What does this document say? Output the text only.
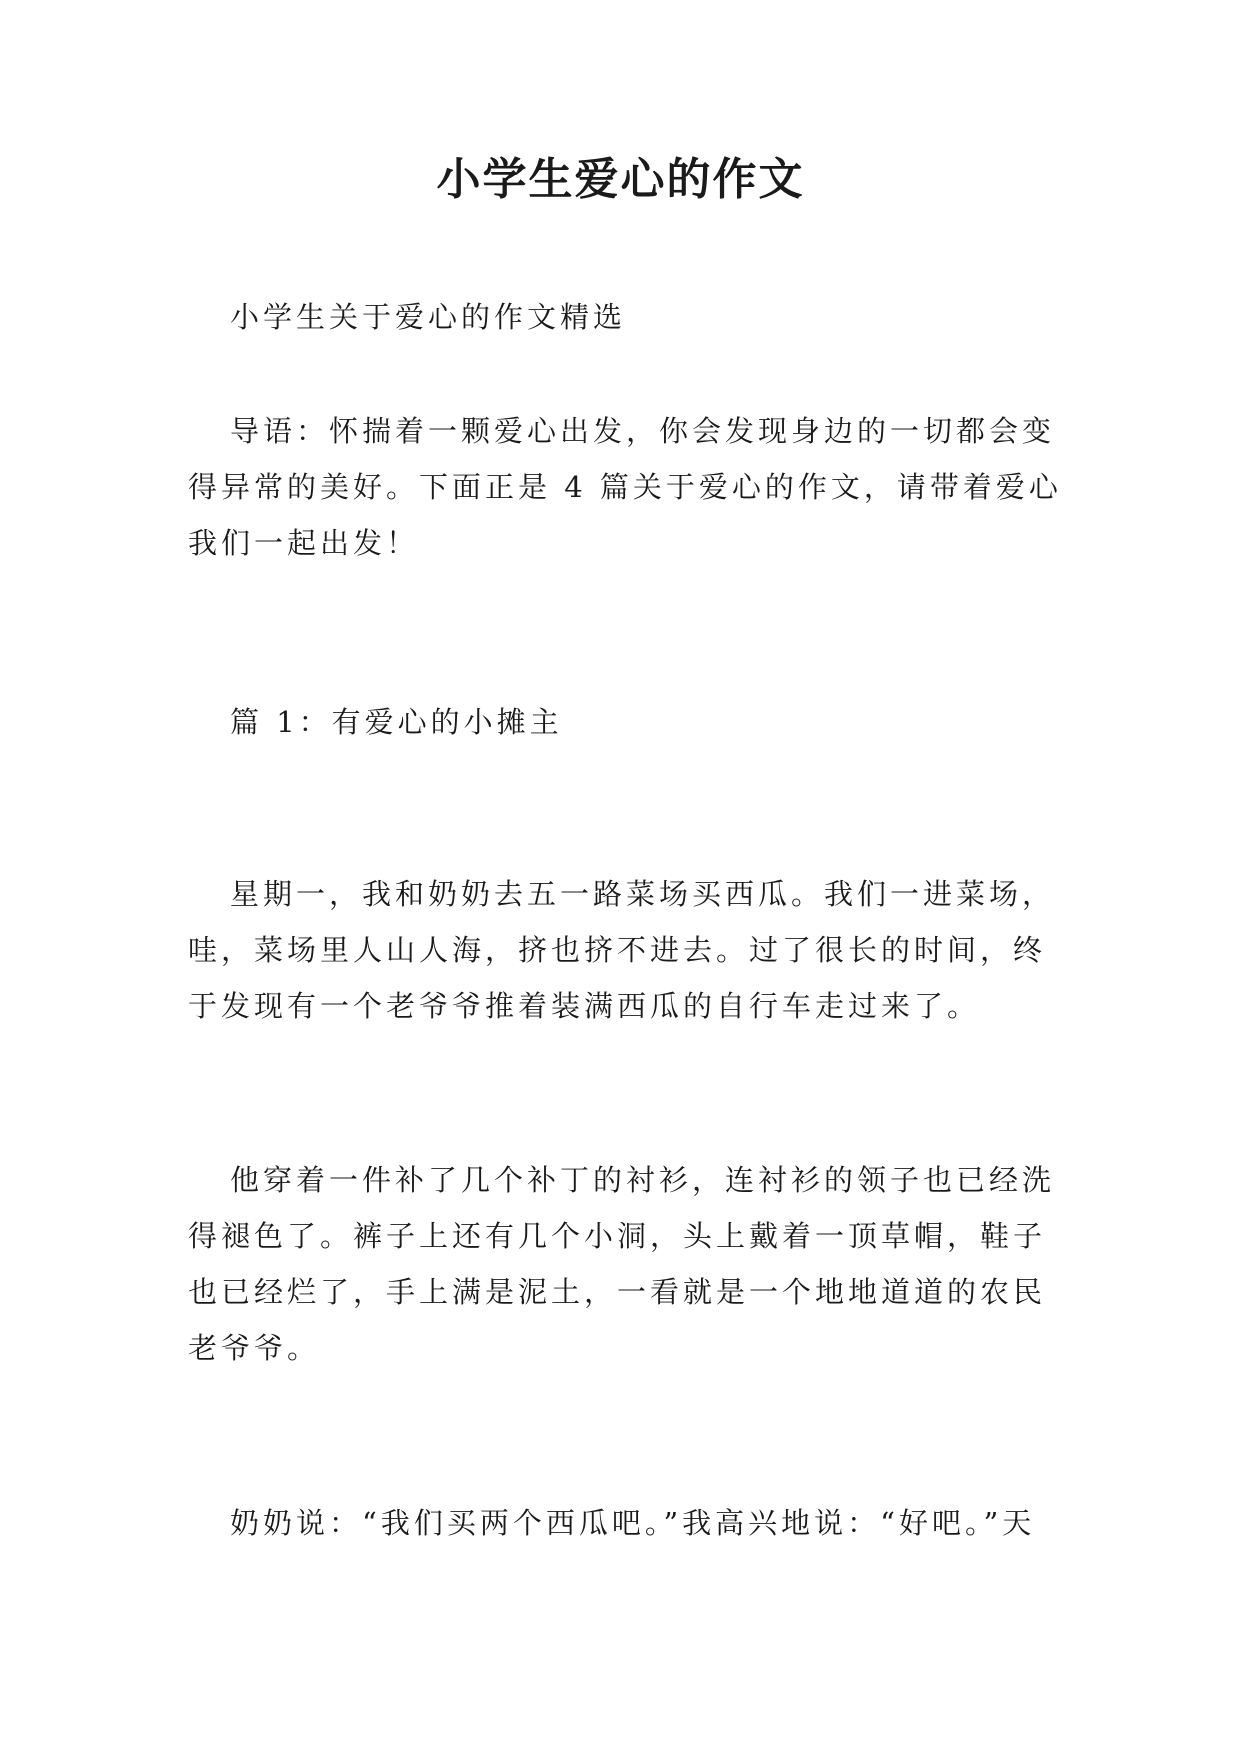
小学生爱心的作文

小学生关于爱心的作文精选

导语：怀揣着一颗爱心出发，你会发现身边的一切都会变
得异常的美好。下面正是 4 篇关于爱心的作文，请带着爱心
我们一起出发！

篇 1：有爱心的小摊主

星期一，我和奶奶去五一路菜场买西瓜。我们一进菜场，
哇，菜场里人山人海，挤也挤不进去。过了很长的时间，终
于发现有一个老爷爷推着装满西瓜的自行车走过来了。

他穿着一件补了几个补丁的衬衫，连衬衫的领子也已经洗
得褪色了。裤子上还有几个小洞，头上戴着一顶草帽，鞋子
也已经烂了，手上满是泥土，一看就是一个地地道道的农民
老爷爷。

奶奶说：“我们买两个西瓜吧。”我高兴地说：“好吧。”天
